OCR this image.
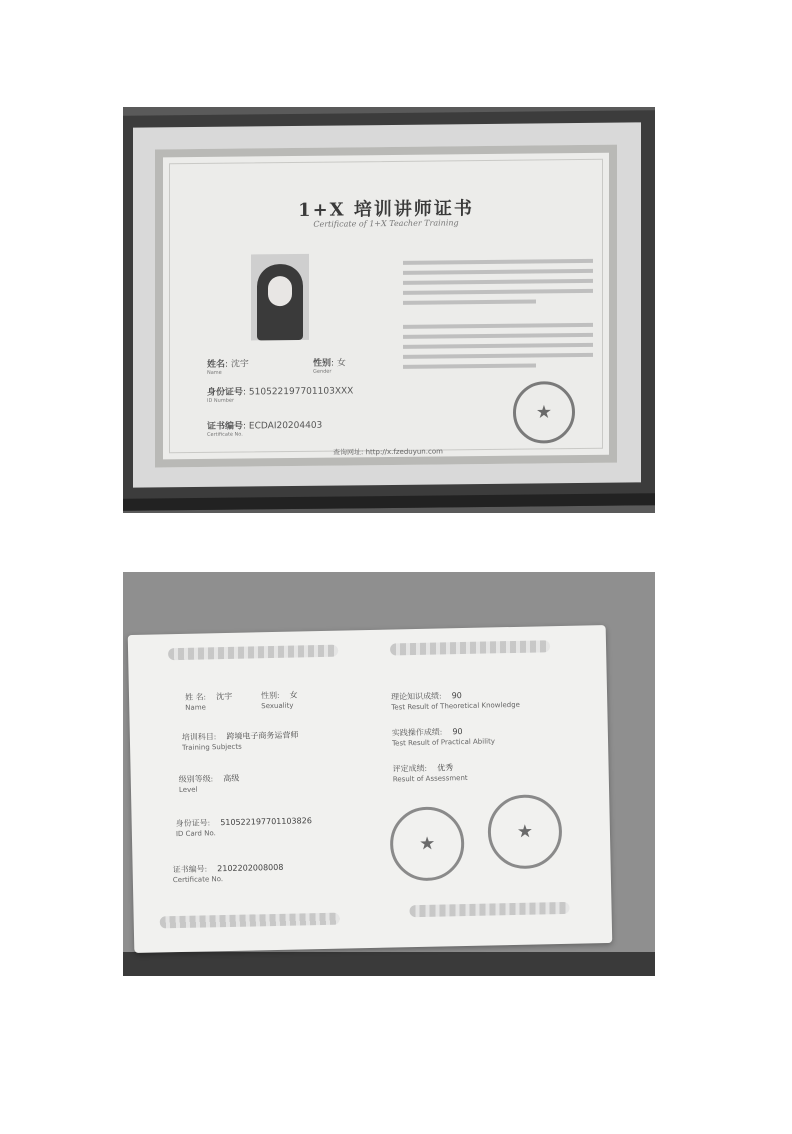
1+X 培训讲师证书
Certificate of 1+X Teacher Training
姓名: 沈宇
Name
性别: 女
Gender
身份证号: 510522197701103XXX
ID Number
证书编号: ECDAI20204403
Certificate No.
★
查询网址: http://x.fzeduyun.com
姓 名: 沈宇
Name
性别: 女
Sexuality
培训科目: 跨境电子商务运营师
Training Subjects
级别等级: 高级
Level
身份证号: 510522197701103826
ID Card No.
证书编号: 2102202008008
Certificate No.
理论知识成绩: 90
Test Result of Theoretical Knowledge
实践操作成绩: 90
Test Result of Practical Ability
评定成绩: 优秀
Result of Assessment
★
★
